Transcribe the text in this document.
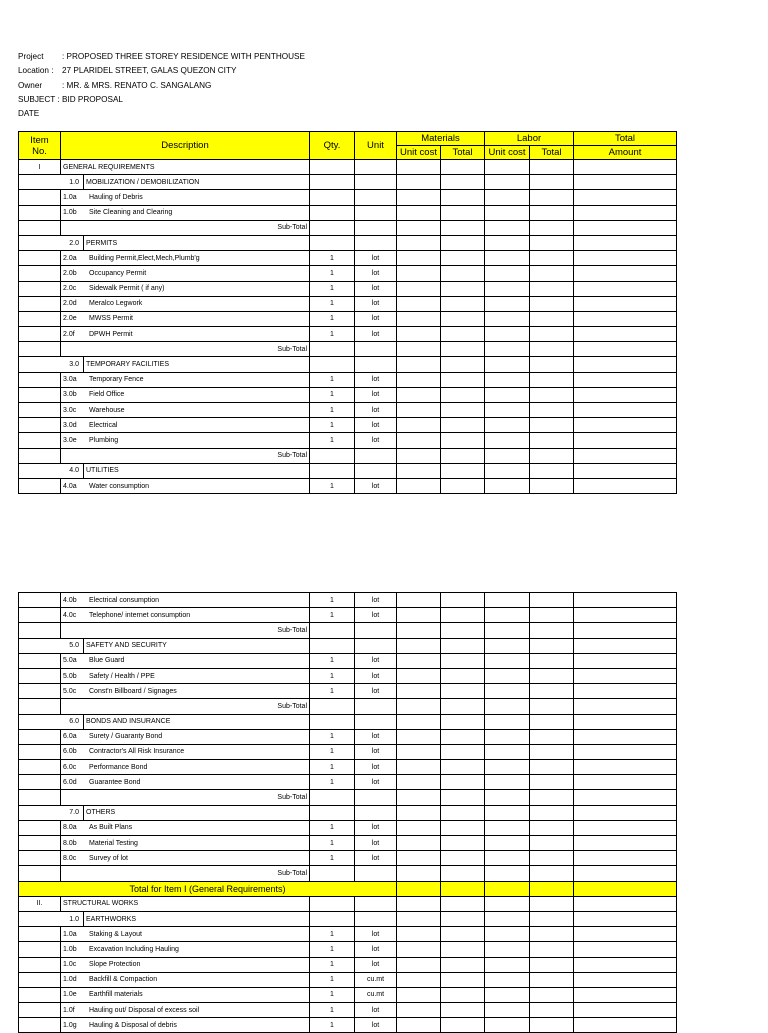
Project	: PROPOSED THREE STOREY RESIDENCE WITH PENTHOUSE
Location :	27 PLARIDEL STREET, GALAS QUEZON CITY
Owner	: MR. & MRS. RENATO C. SANGALANG
SUBJECT : BID PROPOSAL
DATE
Item
No.	Description		Qty.	Unit	Materials		Labor		Total
					Unit cost	Total	Unit cost	Total	Amount
I	GENERAL REQUIREMENTS								
1.0		MOBILIZATION / DEMOBILIZATION							
	1.0a Hauling of Debris								
	1.0b Site Cleaning and Clearing								
	Sub-Total								
2.0		PERMITS							
	2.0a Building Permit,Elect,Mech,Plumb'g		1	lot					
	2.0b Occupancy Permit		1	lot					
	2.0c Sidewalk Permit ( if any)		1	lot					
	2.0d Meralco Legwork		1	lot					
	2.0e MWSS Permit		1	lot					
	2.0f DPWH Permit		1	lot					
	Sub-Total								
3.0		TEMPORARY FACILITIES							
	3.0a Temporary Fence		1	lot					
	3.0b Field Office		1	lot					
	3.0c Warehouse		1	lot					
	3.0d Electrical		1	lot					
	3.0e Plumbing		1	lot					
	Sub-Total								
4.0		UTILITIES							
	4.0a Water consumption		1	lot					
	4.0b Electrical consumption		1	lot					
	4.0c Telephone/ internet consumption		1	lot					
	Sub-Total								
5.0		SAFETY AND SECURITY							
	5.0a Blue Guard		1	lot					
	5.0b Safety / Health / PPE		1	lot					
	5.0c Const'n Billboard / Signages		1	lot					
	Sub-Total								
6.0		BONDS AND INSURANCE							
	6.0a Surety / Guaranty Bond		1	lot					
	6.0b Contractor's All Risk Insurance		1	lot					
	6.0c Performance Bond		1	lot					
	6.0d Guarantee Bond		1	lot					
	Sub-Total								
7.0		OTHERS							
	8.0a As Built Plans		1	lot					
	8.0b Material Testing		1	lot					
	8.0c Survey of lot		1	lot					
	Sub-Total								
Total for Item I (General Requirements)									
II.	STRUCTURAL WORKS								
1.0		EARTHWORKS							
	1.0a Staking & Layout		1	lot					
	1.0b Excavation Including Hauling		1	lot					
	1.0c Slope Protection		1	lot					
	1.0d Backfill & Compaction		1	cu.mt					
	1.0e Earthfill materials		1	cu.mt					
	1.0f Hauling out/ Disposal of excess soil		1	lot					
	1.0g Hauling & Disposal of debris		1	lot					
